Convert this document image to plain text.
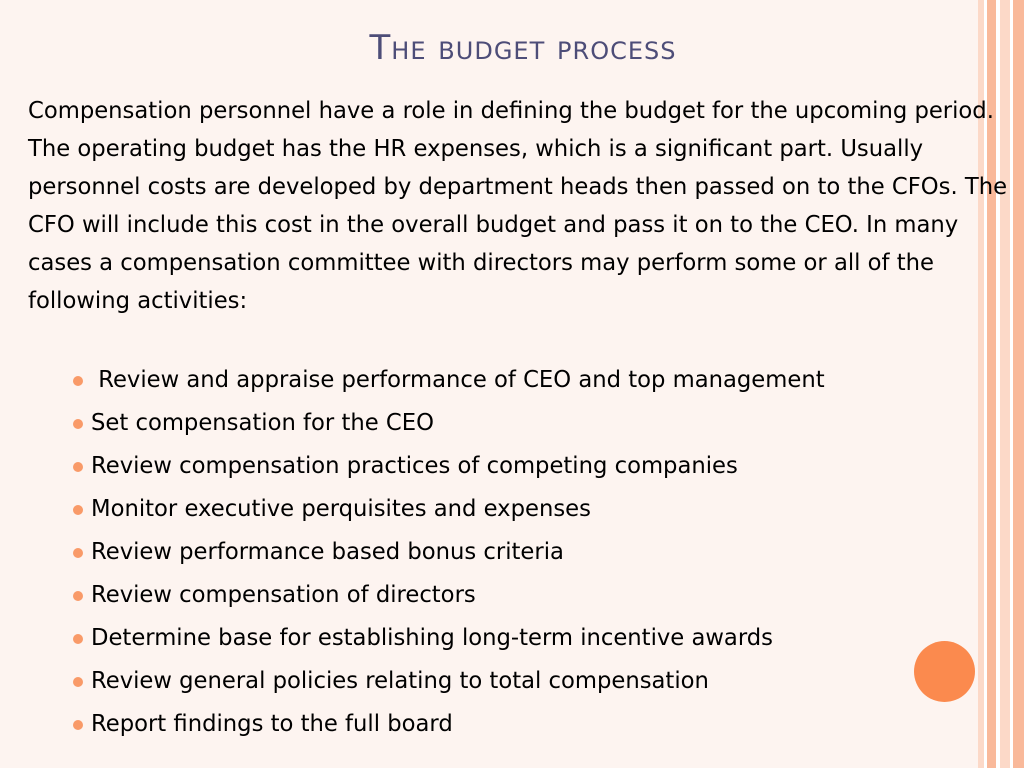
The budget process

Compensation personnel have a role in defining the budget for the upcoming period. The operating budget has the HR expenses, which is a significant part. Usually personnel costs are developed by department heads then passed on to the CFOs. The CFO will include this cost in the overall budget and pass it on to the CEO. In many cases a compensation committee with directors may perform some or all of the following activities:

Review and appraise performance of CEO and top management
Set compensation for the CEO
Review compensation practices of competing companies
Monitor executive perquisites and expenses
Review performance based bonus criteria
Review compensation of directors
Determine base for establishing long-term incentive awards
Review general policies relating to total compensation
Report findings to the full board
